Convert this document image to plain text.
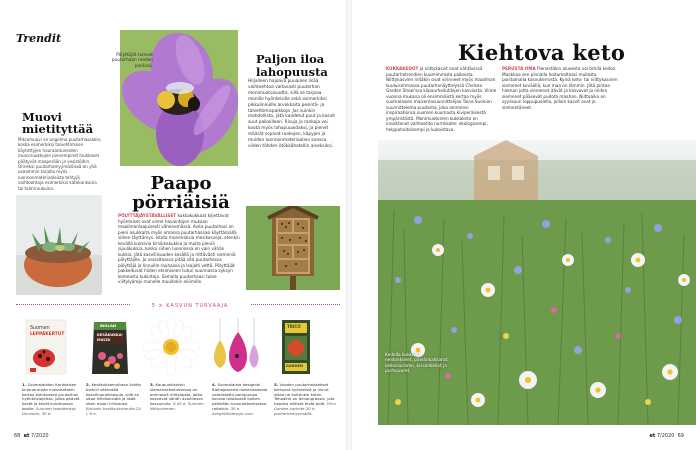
Trendit
Muovi
mietityttää
Mikromuovi on ongelma puutarhassakin, koska esimerkiksi talvehtimisen käytettyjen hauraantuneiden muoviruukkujen pienempinet hiukkaset päätyvät maaperään ja vesistöihin. Onneksi puutarhamyymälöissä on yhä useammin tarjolla myös luonnonmateriaaleista tehtyjä vaihtoehtoja esimerkiksi katekankaina tai taimiruukuina.
Pölyttäjät tulevat puutarhaan meden perässä.
Paljon iloa
lahopuusta
Hiljalleen hajoava puuaines lisää vaihtoehtoa vaitavasti puutarhan monimuotoisuutta, sillä se tarjoaa monille hyönteisille sekä esimerkiksi pikkulinnuille arvokkaita pesintä- ja talvehtimispaikkoja. Jos suinkin mahdollista, jätä kaadetut puut ja kasvit suut paikoilleen. Risuja ja rankoja voi koota myös lahopuuaidaksi, ja pienet määrät sopivat ruokojen, käpyjen ja muiden luonnonmateriaalien kanssa viiden tähden ötökkähotellin aineksiksi.
Paapo
pörriäisiä
PÖLYTTÄJÄYSTÄVÄLLISET kukkakukkaat kiljettavat hyönteiset ovat viime havaintojen mukaan maailmanlaajuisesti vähenemässä. Avita puutarhasi on pieni asukkaita myös omassa puutarhassasi käyttämällä siihen täyttämys. Istuta monenlaisia mesikasveja, etenkin kevällä kukkivia kirsikkakukkia ja muita pieniä sipulikukkia, koska siihen luonnossa on vain vähän kukkia. Jätä kasvillisuuden kesällä ja riittävästi siemeniä pölyttäjille. Ja vesialtaassa pitää sitä puutarhassa pölyttäjä ja linnuille rauhaisia ja laajalti vettä. Pölyttäjät pakkeituvat hiiden etsimiseen tutun suunnassa syksyn komeasta kukintoja. Samalla puutarhaasi tulee viiltylyämpi monelle muullekin eliömille.
5 × KASVUN TURVAAJA
Suomen
LEPPÄKERTUT
BIOLAN
KESÄKUKKA-MULTA
TRICO
GARDEN
1. Suomalaisten Karjalaisen kirjaudutusta mukaisiltakin kertoo kiehtovasti puutarhan hyönteislajeista, jotka pitävät kevät ja kesät kuluttuessa koolle. Suomen leppäkertut, Docendo, 30 e.
2. Kesäkukkamultaan lisätty biohiili vähentää kasvihuonekaasuja, sillä se sitoo hiilidioksidia ja lisää siten maan hiilivaraa. Biolanin kesäkukkamulta 24 l, 6 e.
3. Kaupunkikoisin siemensekoituksessa on ominaisiä niittylajeja, jotka kasvavat vähän avoimessa kasvukulla. 6,50 e, Suomen Niittysiemen.
4. Suomalaista designia! Biohajoavista materiaaleista valmistettu pampulupa korvaa loistavasti kaiken pelkkään housuottamisessa raitoihin. 30 e, belightfoldesign.com.
5. Vuoden puutarhaistekset kertovat hyönteisiä ja linnut ottaa ne kuitenkin kotiin. Tehoaine on lemongrassia, jota hajusta eliöiset eivät pidä. Trico Garden-karkote 20 e, puutarhamyymälät.
68 et 7/2020
Kiehtova keto
KUKKAKEDOT ja niittykasvit ovat nähtävissä puutarhatrendien kuumimmista paikoista. Niittykasvien niitäkin ovat virinneet myös maailman kuuluisimmassa puutarhanäyttelyssä Chelsea Garden Show'ssa kilpaurheilutilojen kasviosta. Viime vuonna mukana oli ensimmäistä kertaa myös suomalaisen maisemasuunnittelijan Taina Suonion suunnittelema puutarha, joka ammensi inspiraationsa suomen kuumasta kiviperäisestä ympäristöstä. Monimuotoinen kukkaketo on innoittanut vaihtoehto nurmikolle: ekologisempi, helppohoitoisempi ja kukoistava.
PERUSTA OMA Pienestäkin alueesta voi tehdä kedon. Mookkaa sen pinnalla hoitamaltaasi mullasta poistamalla kasvukerrosta. Kylvä keto- tai niittykasvien siemenet keväällä, kun maa on lämmin. Jätä pintaa hieman jotta siemenet itävät ja kasvavat ja niiden siemenet pääsevät pudota maahan. Niittoaika on syyskuun loppupuolella, jolloin kasvit ovat jo siementäneet.
Kedolla kukkivat neidonkielet, päivänkakkarat, kellosauramo, kissankellot ja purtojuuret.
et 7/2020 69
